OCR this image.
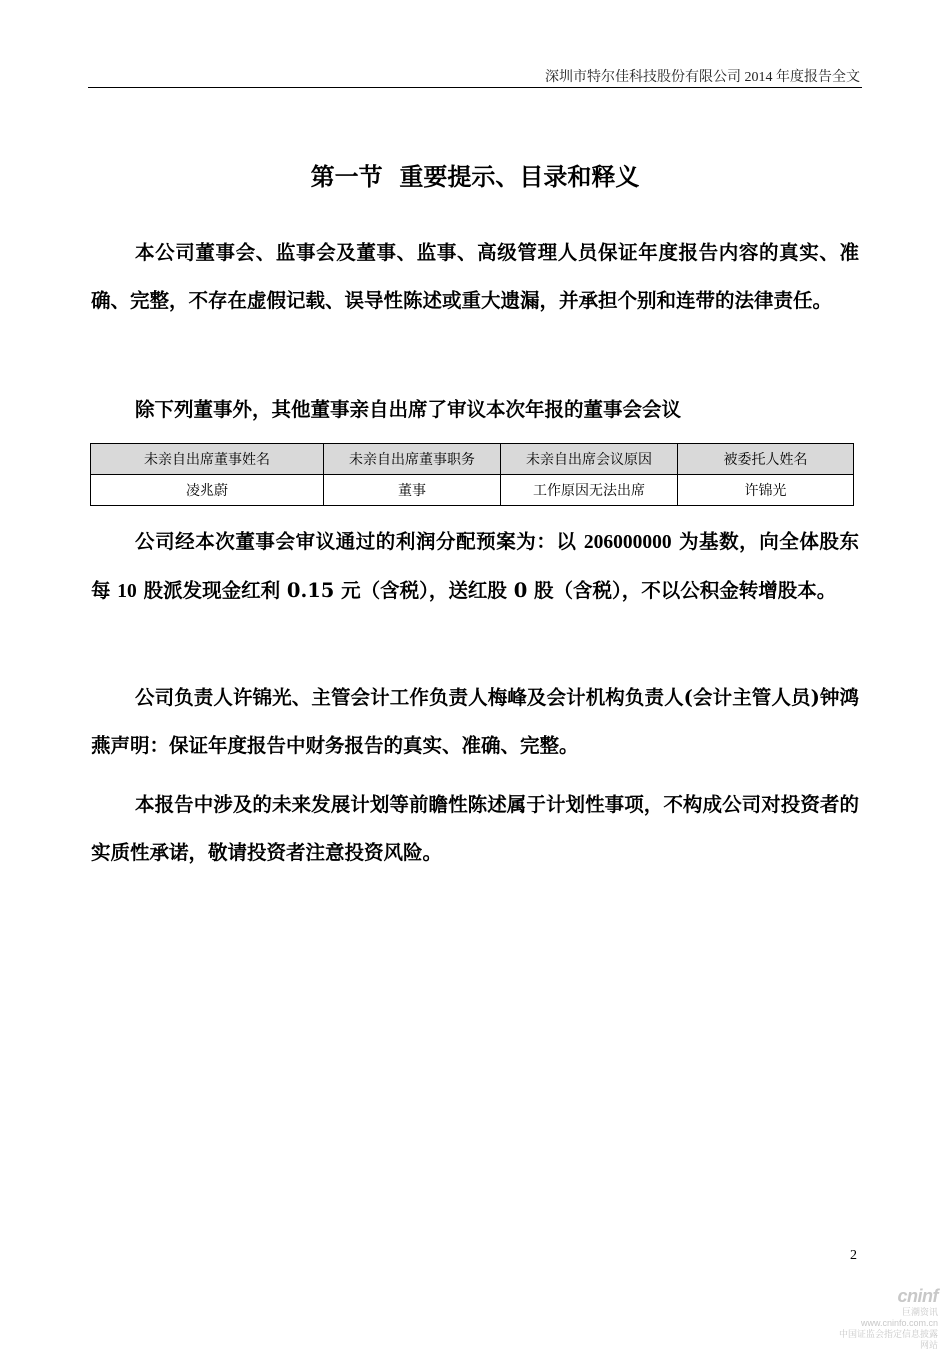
深圳市特尔佳科技股份有限公司 2014 年度报告全文
第一节  重要提示、目录和释义
本公司董事会、监事会及董事、监事、高级管理人员保证年度报告内容的真实、准确、完整，不存在虚假记载、误导性陈述或重大遗漏，并承担个别和连带的法律责任。
除下列董事外，其他董事亲自出席了审议本次年报的董事会会议
未亲自出席董事姓名	未亲自出席董事职务	未亲自出席会议原因	被委托人姓名
凌兆蔚	董事	工作原因无法出席	许锦光
公司经本次董事会审议通过的利润分配预案为：以 206000000 为基数，向全体股东每 10 股派发现金红利 0.15 元（含税），送红股 0 股（含税），不以公积金转增股本。
公司负责人许锦光、主管会计工作负责人梅峰及会计机构负责人(会计主管人员)钟鸿燕声明：保证年度报告中财务报告的真实、准确、完整。
本报告中涉及的未来发展计划等前瞻性陈述属于计划性事项，不构成公司对投资者的实质性承诺，敬请投资者注意投资风险。
2
cninf
巨潮资讯
www.cninfo.com.cn
中国证监会指定信息披露网站
